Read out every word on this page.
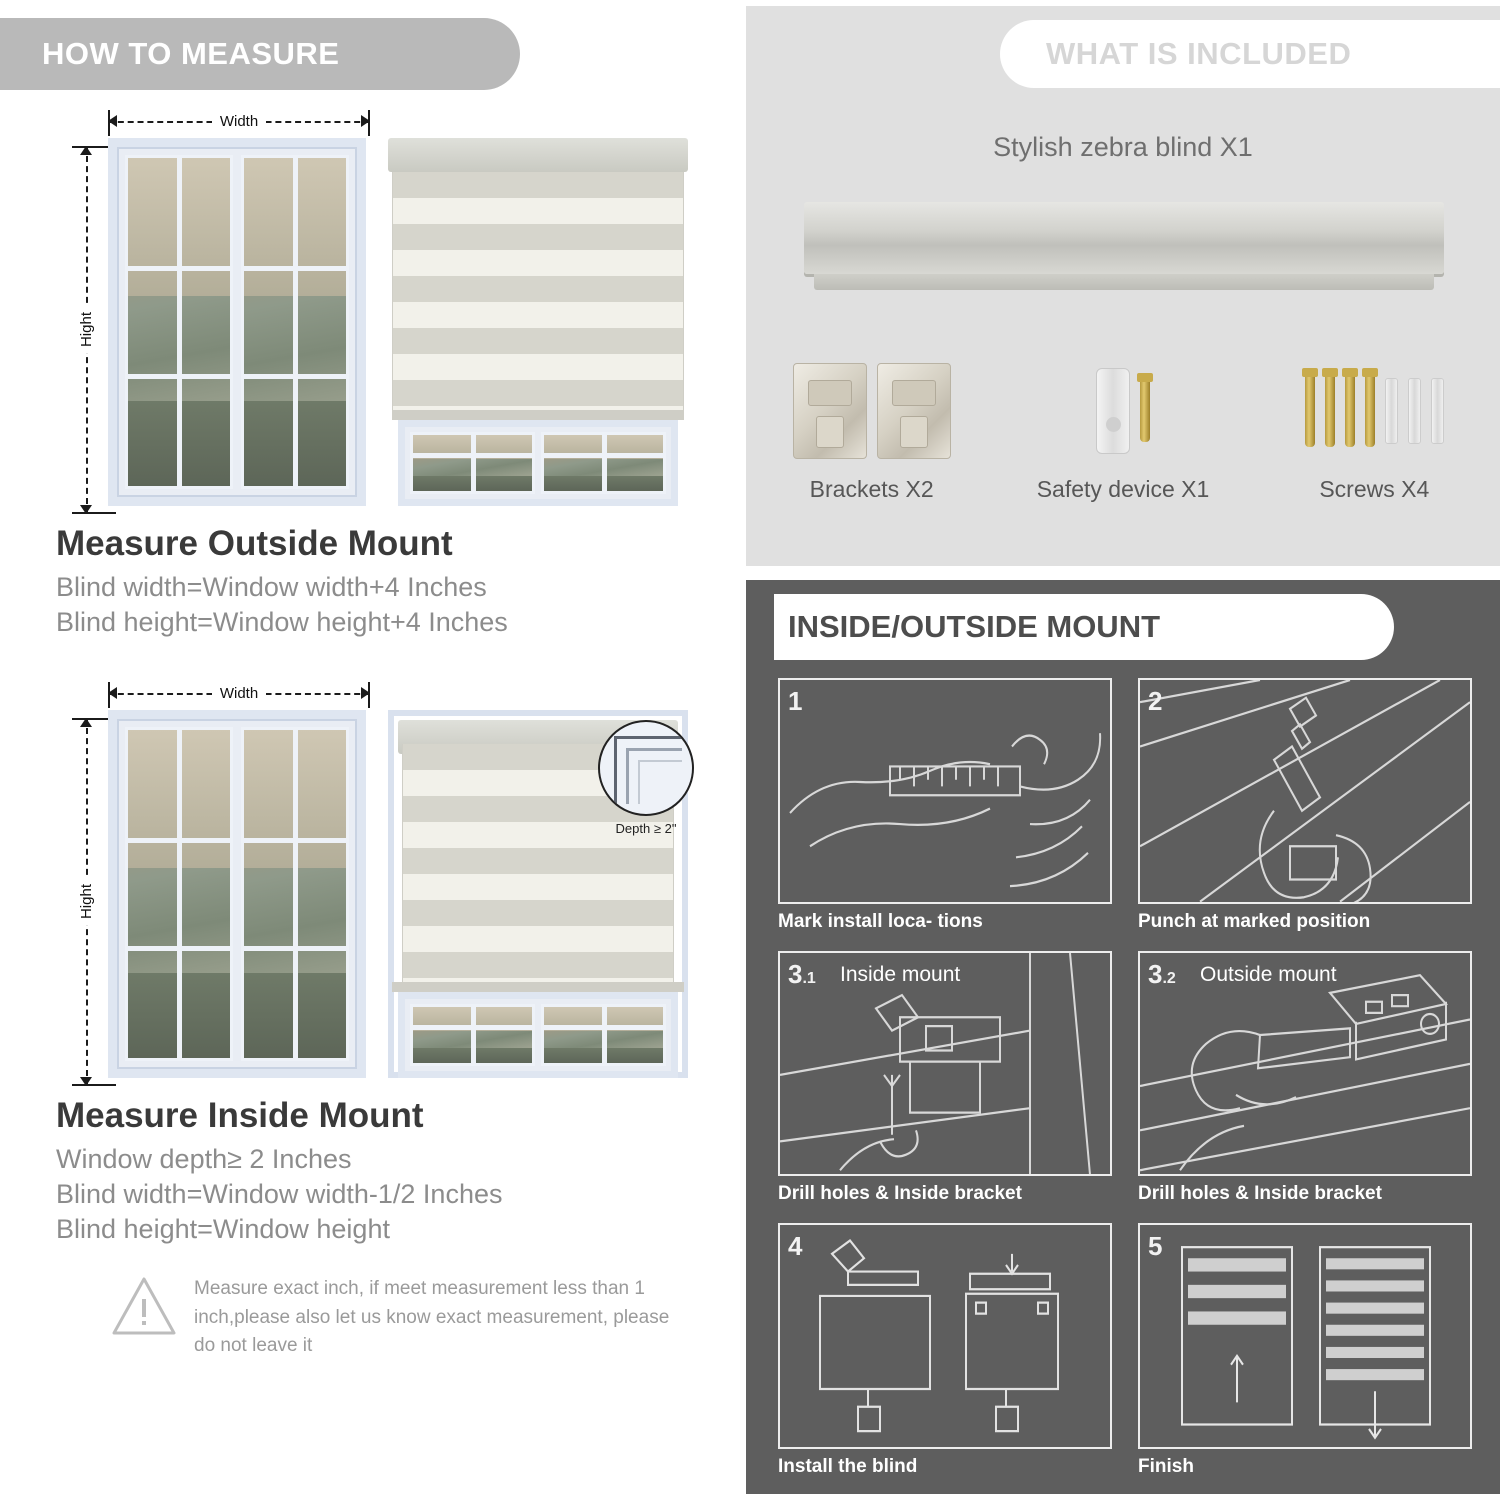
HOW TO MEASURE
Width
Hight
Measure Outside Mount
Blind width=Window width+4 Inches
Blind height=Window height+4 Inches
Width
Hight
Depth ≥ 2"
Measure Inside Mount
Window depth≥ 2 Inches
Blind width=Window width-1/2 Inches
Blind height=Window height
Measure exact inch, if meet measurement less than 1 inch,please also let us know exact measurement, please do not leave it
WHAT IS INCLUDED
Stylish zebra blind X1
Brackets X2	Safety device X1	Screws X4
INSIDE/OUTSIDE MOUNT
1
Mark install loca- tions
2
Punch at marked position
3.1 Inside mount
Drill holes & Inside bracket
3.2 Outside mount
Drill holes & Inside bracket
4
Install the blind
5
Finish
